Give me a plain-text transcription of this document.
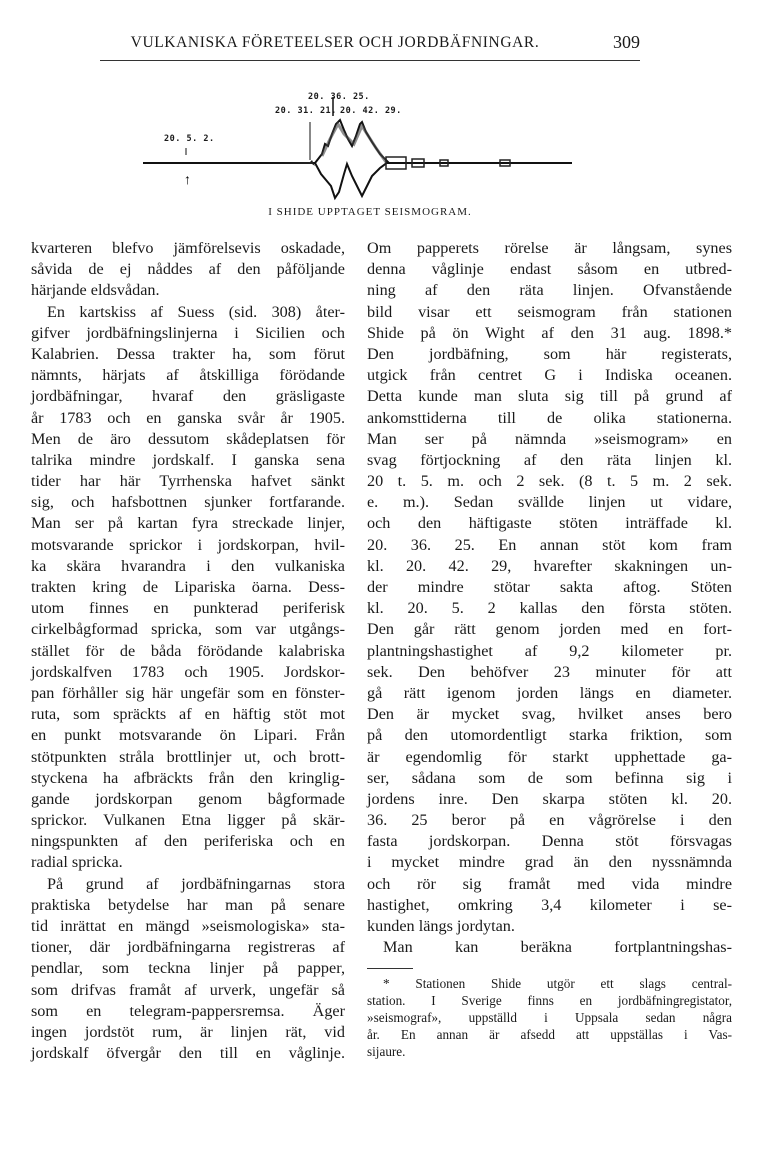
VULKANISKA FÖRETEELSER OCH JORDBÄFNINGAR.	309
↑
20. 5. 2.
20. 31. 21.
20. 36. 25.
20. 42. 29.
I SHIDE UPPTAGET SEISMOGRAM.
kvarteren blefvo jämförelsevis oskadade,
såvida de ej nåddes af den påföljande
härjande eldsvådan.
En kartskiss af Suess (sid. 308) åter-
gifver jordbäfningslinjerna i Sicilien och
Kalabrien. Dessa trakter ha, som förut
nämnts, härjats af åtskilliga förödande
jordbäfningar, hvaraf den gräsligaste
år 1783 och en ganska svår år 1905.
Men de äro dessutom skådeplatsen för
talrika mindre jordskalf. I ganska sena
tider har här Tyrrhenska hafvet sänkt
sig, och hafsbottnen sjunker fortfarande.
Man ser på kartan fyra streckade linjer,
motsvarande sprickor i jordskorpan, hvil-
ka skära hvarandra i den vulkaniska
trakten kring de Lipariska öarna. Dess-
utom finnes en punkterad periferisk
cirkelbågformad spricka, som var utgångs-
stället för de båda förödande kalabriska
jordskalfven 1783 och 1905. Jordskor-
pan förhåller sig här ungefär som en fönster-
ruta, som spräckts af en häftig stöt mot
en punkt motsvarande ön Lipari. Från
stötpunkten stråla brottlinjer ut, och brott-
styckena ha afbräckts från den kringlig-
gande jordskorpan genom bågformade
sprickor. Vulkanen Etna ligger på skär-
ningspunkten af den periferiska och en
radial spricka.
På grund af jordbäfningarnas stora
praktiska betydelse har man på senare
tid inrättat en mängd »seismologiska» sta-
tioner, där jordbäfningarna registreras af
pendlar, som teckna linjer på papper,
som drifvas framåt af urverk, ungefär så
som en telegram-pappersremsa. Äger
ingen jordstöt rum, är linjen rät, vid
jordskalf öfvergår den till en våglinje.
Om papperets rörelse är långsam, synes
denna våglinje endast såsom en utbred-
ning af den räta linjen. Ofvanstående
bild visar ett seismogram från stationen
Shide på ön Wight af den 31 aug. 1898.*
Den jordbäfning, som här registerats,
utgick från centret G i Indiska oceanen.
Detta kunde man sluta sig till på grund af
ankomsttiderna till de olika stationerna.
Man ser på nämnda »seismogram» en
svag förtjockning af den räta linjen kl.
20 t. 5. m. och 2 sek. (8 t. 5 m. 2 sek.
e. m.). Sedan svällde linjen ut vidare,
och den häftigaste stöten inträffade kl.
20. 36. 25. En annan stöt kom fram
kl. 20. 42. 29, hvarefter skakningen un-
der mindre stötar sakta aftog. Stöten
kl. 20. 5. 2 kallas den första stöten.
Den går rätt genom jorden med en fort-
plantningshastighet af 9,2 kilometer pr.
sek. Den behöfver 23 minuter för att
gå rätt igenom jorden längs en diameter.
Den är mycket svag, hvilket anses bero
på den utomordentligt starka friktion, som
är egendomlig för starkt upphettade ga-
ser, sådana som de som befinna sig i
jordens inre. Den skarpa stöten kl. 20.
36. 25 beror på en vågrörelse i den
fasta jordskorpan. Denna stöt försvagas
i mycket mindre grad än den nyssnämnda
och rör sig framåt med vida mindre
hastighet, omkring 3,4 kilometer i se-
kunden längs jordytan.
Man kan beräkna fortplantningshas-
* Stationen Shide utgör ett slags central-
station. I Sverige finns en jordbäfningregistator,
»seismograf», uppställd i Uppsala sedan några
år. En annan är afsedd att uppställas i Vas-
sijaure.
